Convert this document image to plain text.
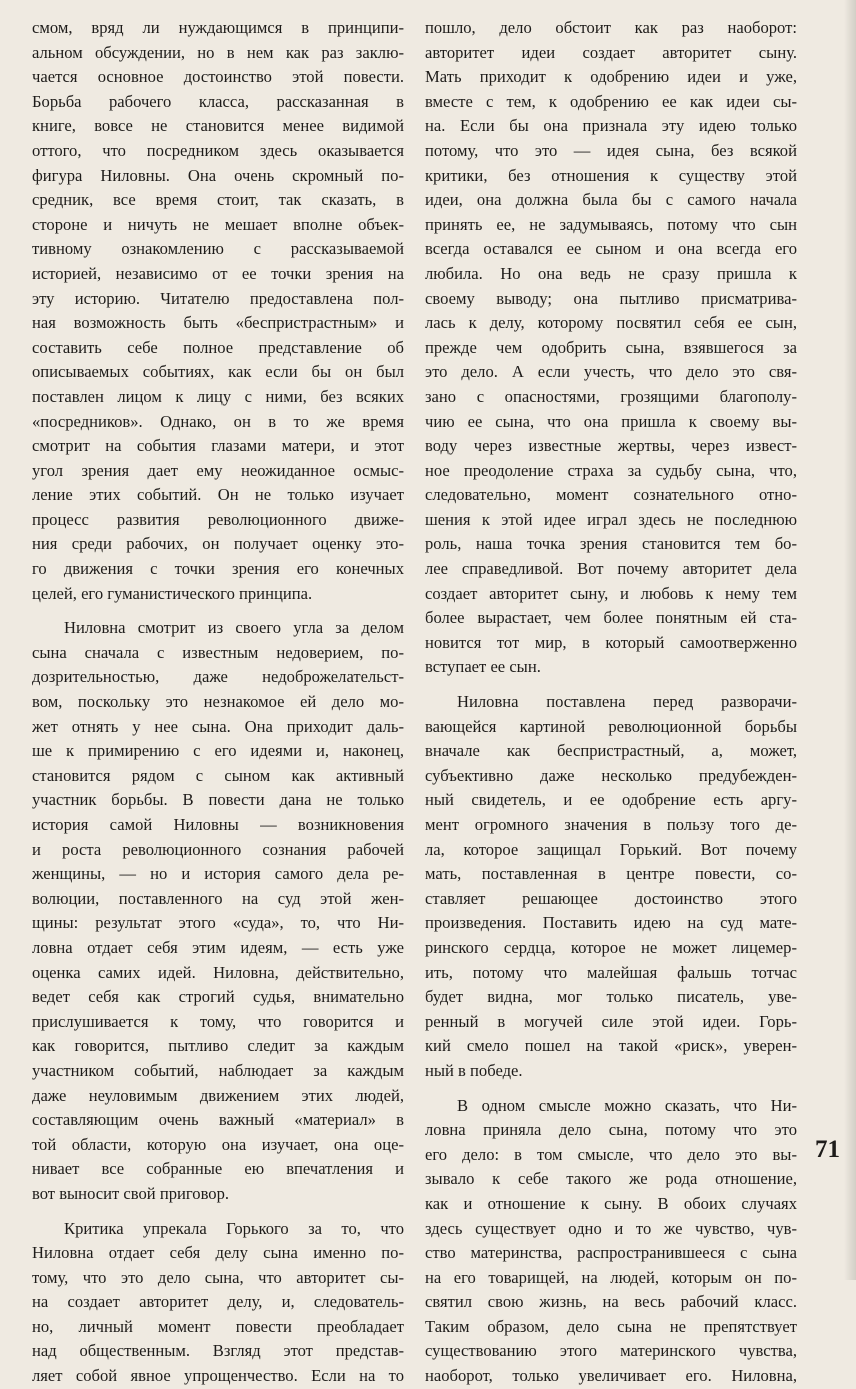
смом, вряд ли нуждающимся в принципи-
альном обсуждении, но в нем как раз заклю-
чается основное достоинство этой повести.
Борьба рабочего класса, рассказанная в
книге, вовсе не становится менее видимой
оттого, что посредником здесь оказывается
фигура Ниловны. Она очень скромный по-
средник, все время стоит, так сказать, в
стороне и ничуть не мешает вполне объек-
тивному ознакомлению с рассказываемой
историей, независимо от ее точки зрения на
эту историю. Читателю предоставлена пол-
ная возможность быть «беспристрастным» и
составить себе полное представление об
описываемых событиях, как если бы он был
поставлен лицом к лицу с ними, без всяких
«посредников». Однако, он в то же время
смотрит на события глазами матери, и этот
угол зрения дает ему неожиданное осмыс-
ление этих событий. Он не только изучает
процесс развития революционного движе-
ния среди рабочих, он получает оценку это-
го движения с точки зрения его конечных
целей, его гуманистического принципа.
Ниловна смотрит из своего угла за делом
сына сначала с известным недоверием, по-
дозрительностью, даже недоброжелательст-
вом, поскольку это незнакомое ей дело мо-
жет отнять у нее сына. Она приходит даль-
ше к примирению с его идеями и, наконец,
становится рядом с сыном как активный
участник борьбы. В повести дана не только
история самой Ниловны — возникновения
и роста революционного сознания рабочей
женщины, — но и история самого дела ре-
волюции, поставленного на суд этой жен-
щины: результат этого «суда», то, что Ни-
ловна отдает себя этим идеям, — есть уже
оценка самих идей. Ниловна, действительно,
ведет себя как строгий судья, внимательно
прислушивается к тому, что говорится и
как говорится, пытливо следит за каждым
участником событий, наблюдает за каждым
даже неуловимым движением этих людей,
составляющим очень важный «материал» в
той области, которую она изучает, она оце-
нивает все собранные ею впечатления и
вот выносит свой приговор.
Критика упрекала Горького за то, что
Ниловна отдает себя делу сына именно по-
тому, что это дело сына, что авторитет сы-
на создает авторитет делу, и, следователь-
но, личный момент повести преобладает
над общественным. Взгляд этот представ-
ляет собой явное упрощенчество. Если на то
пошло, дело обстоит как раз наоборот:
авторитет идеи создает авторитет сыну.
Мать приходит к одобрению идеи и уже,
вместе с тем, к одобрению ее как идеи сы-
на. Если бы она признала эту идею только
потому, что это — идея сына, без всякой
критики, без отношения к существу этой
идеи, она должна была бы с самого начала
принять ее, не задумываясь, потому что сын
всегда оставался ее сыном и она всегда его
любила. Но она ведь не сразу пришла к
своему выводу; она пытливо присматрива-
лась к делу, которому посвятил себя ее сын,
прежде чем одобрить сына, взявшегося за
это дело. А если учесть, что дело это свя-
зано с опасностями, грозящими благополу-
чию ее сына, что она пришла к своему вы-
воду через известные жертвы, через извест-
ное преодоление страха за судьбу сына, что,
следовательно, момент сознательного отно-
шения к этой идее играл здесь не последнюю
роль, наша точка зрения становится тем бо-
лее справедливой. Вот почему авторитет дела
создает авторитет сыну, и любовь к нему тем
более вырастает, чем более понятным ей ста-
новится тот мир, в который самоотверженно
вступает ее сын.
Ниловна поставлена перед разворачи-
вающейся картиной революционной борьбы
вначале как беспристрастный, а, может,
субъективно даже несколько предубежден-
ный свидетель, и ее одобрение есть аргу-
мент огромного значения в пользу того де-
ла, которое защищал Горький. Вот почему
мать, поставленная в центре повести, со-
ставляет решающее достоинство этого
произведения. Поставить идею на суд мате-
ринского сердца, которое не может лицемер-
ить, потому что малейшая фальшь тотчас
будет видна, мог только писатель, уве-
ренный в могучей силе этой идеи. Горь-
кий смело пошел на такой «риск», уверен-
ный в победе.
В одном смысле можно сказать, что Ни-
ловна приняла дело сына, потому что это
его дело: в том смысле, что дело это вы-
зывало к себе такого же рода отношение,
как и отношение к сыну. В обоих случаях
здесь существует одно и то же чувство, чув-
ство материнства, распространившееся с сына
на его товарищей, на людей, которым он по-
святил свою жизнь, на весь рабочий класс.
Таким образом, дело сына не препятствует
существованию этого материнского чувства,
наоборот, только увеличивает его. Ниловна,
71
